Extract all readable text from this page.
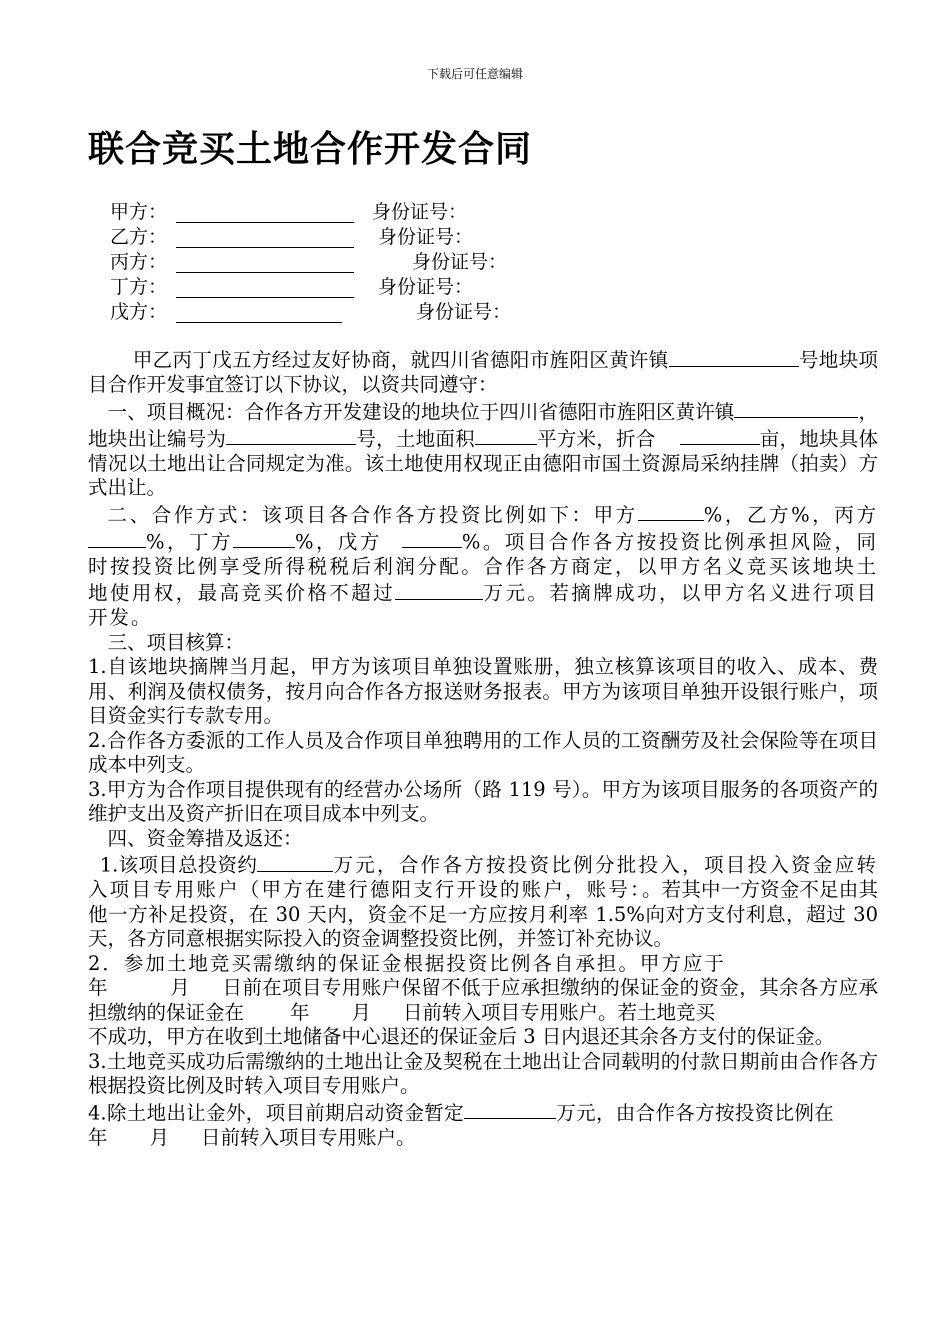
下载后可任意编辑
联合竞买土地合作开发合同
甲方：	身份证号：
乙方：	身份证号：
丙方：	身份证号：
丁方：	身份证号：
戊方：	身份证号：

甲乙丙丁戊五方经过友好协商，就四川省德阳市旌阳区黄许镇	号地块项目合作开发事宜签订以下协议，以资共同遵守：

一、项目概况：合作各方开发建设的地块位于四川省德阳市旌阳区黄许镇	，地块出让编号为	号，土地面积	平方米，折合	亩，地块具体情况以土地出让合同规定为准。该土地使用权现正由德阳市国土资源局采纳挂牌（拍卖）方式出让。

二、合作方式：该项目各合作各方投资比例如下：甲方	%，乙方%，丙方%，丁方	%，戊方	%。项目合作各方按投资比例承担风险，同时按投资比例享受所得税税后利润分配。合作各方商定，以甲方名义竞买该地块土地使用权，最高竞买价格不超过	万元。若摘牌成功，以甲方名义进行项目开发。

三、项目核算：

1.自该地块摘牌当月起，甲方为该项目单独设置账册，独立核算该项目的收入、成本、费用、利润及债权债务，按月向合作各方报送财务报表。甲方为该项目单独开设银行账户，项目资金实行专款专用。

2.合作各方委派的工作人员及合作项目单独聘用的工作人员的工资酬劳及社会保险等在项目成本中列支。

3.甲方为合作项目提供现有的经营办公场所（路 119 号）。甲方为该项目服务的各项资产的维护支出及资产折旧在项目成本中列支。

四、资金筹措及返还：

1.该项目总投资约	万元，合作各方按投资比例分批投入，项目投入资金应转入项目专用账户（甲方在建行德阳支行开设的账户，账号：。若其中一方资金不足由其他一方补足投资，在 30 天内，资金不足一方应按月利率 1.5%向对方支付利息，超过 30 天，各方同意根据实际投入的资金调整投资比例，并签订补充协议。

2．参加土地竞买需缴纳的保证金根据投资比例各自承担。甲方应于
年	月 日前在项目专用账户保留不低于应承担缴纳的保证金的资金，其余各方应承担缴纳的保证金在 年 月 日前转入项目专用账户。若土地竞买
不成功，甲方在收到土地储备中心退还的保证金后 3 日内退还其余各方支付的保证金。

3.土地竞买成功后需缴纳的土地出让金及契税在土地出让合同载明的付款日期前由合作各方根据投资比例及时转入项目专用账户。

4.除土地出让金外，项目前期启动资金暂定	万元，由合作各方按投资比例在年 月 日前转入项目专用账户。
